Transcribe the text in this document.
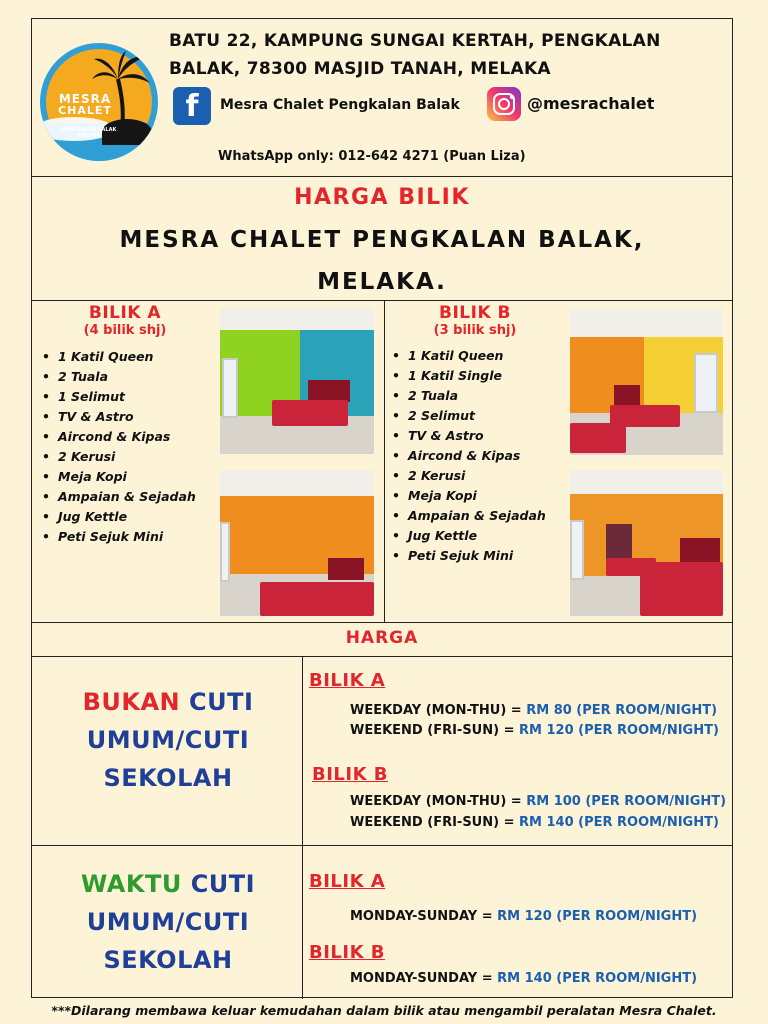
MESRA
CHALET
PENGKALAN BALAK MELAKA
BATU 22, KAMPUNG SUNGAI KERTAH, PENGKALAN
BALAK, 78300 MASJID TANAH, MELAKA
f	Mesra Chalet Pengkalan Balak	@mesrachalet
WhatsApp only: 012-642 4271 (Puan Liza)
HARGA BILIK
MESRA CHALET PENGKALAN BALAK,
MELAKA.
BILIK A
(4 bilik shj)
• 1 Katil Queen
• 2 Tuala
• 1 Selimut
• TV & Astro
• Aircond & Kipas
• 2 Kerusi
• Meja Kopi
• Ampaian & Sejadah
• Jug Kettle
• Peti Sejuk Mini
BILIK B
(3 bilik shj)
• 1 Katil Queen
• 1 Katil Single
• 2 Tuala
• 2 Selimut
• TV & Astro
• Aircond & Kipas
• 2 Kerusi
• Meja Kopi
• Ampaian & Sejadah
• Jug Kettle
• Peti Sejuk Mini
HARGA
BUKAN CUTI
UMUM/CUTI
SEKOLAH
BILIK A
WEEKDAY (MON-THU) = RM 80 (PER ROOM/NIGHT)
WEEKEND (FRI-SUN) = RM 120 (PER ROOM/NIGHT)
BILIK B
WEEKDAY (MON-THU) = RM 100 (PER ROOM/NIGHT)
WEEKEND (FRI-SUN) = RM 140 (PER ROOM/NIGHT)
WAKTU CUTI
UMUM/CUTI
SEKOLAH
BILIK A
MONDAY-SUNDAY = RM 120 (PER ROOM/NIGHT)
BILIK B
MONDAY-SUNDAY = RM 140 (PER ROOM/NIGHT)
***Dilarang membawa keluar kemudahan dalam bilik atau mengambil peralatan Mesra Chalet.
